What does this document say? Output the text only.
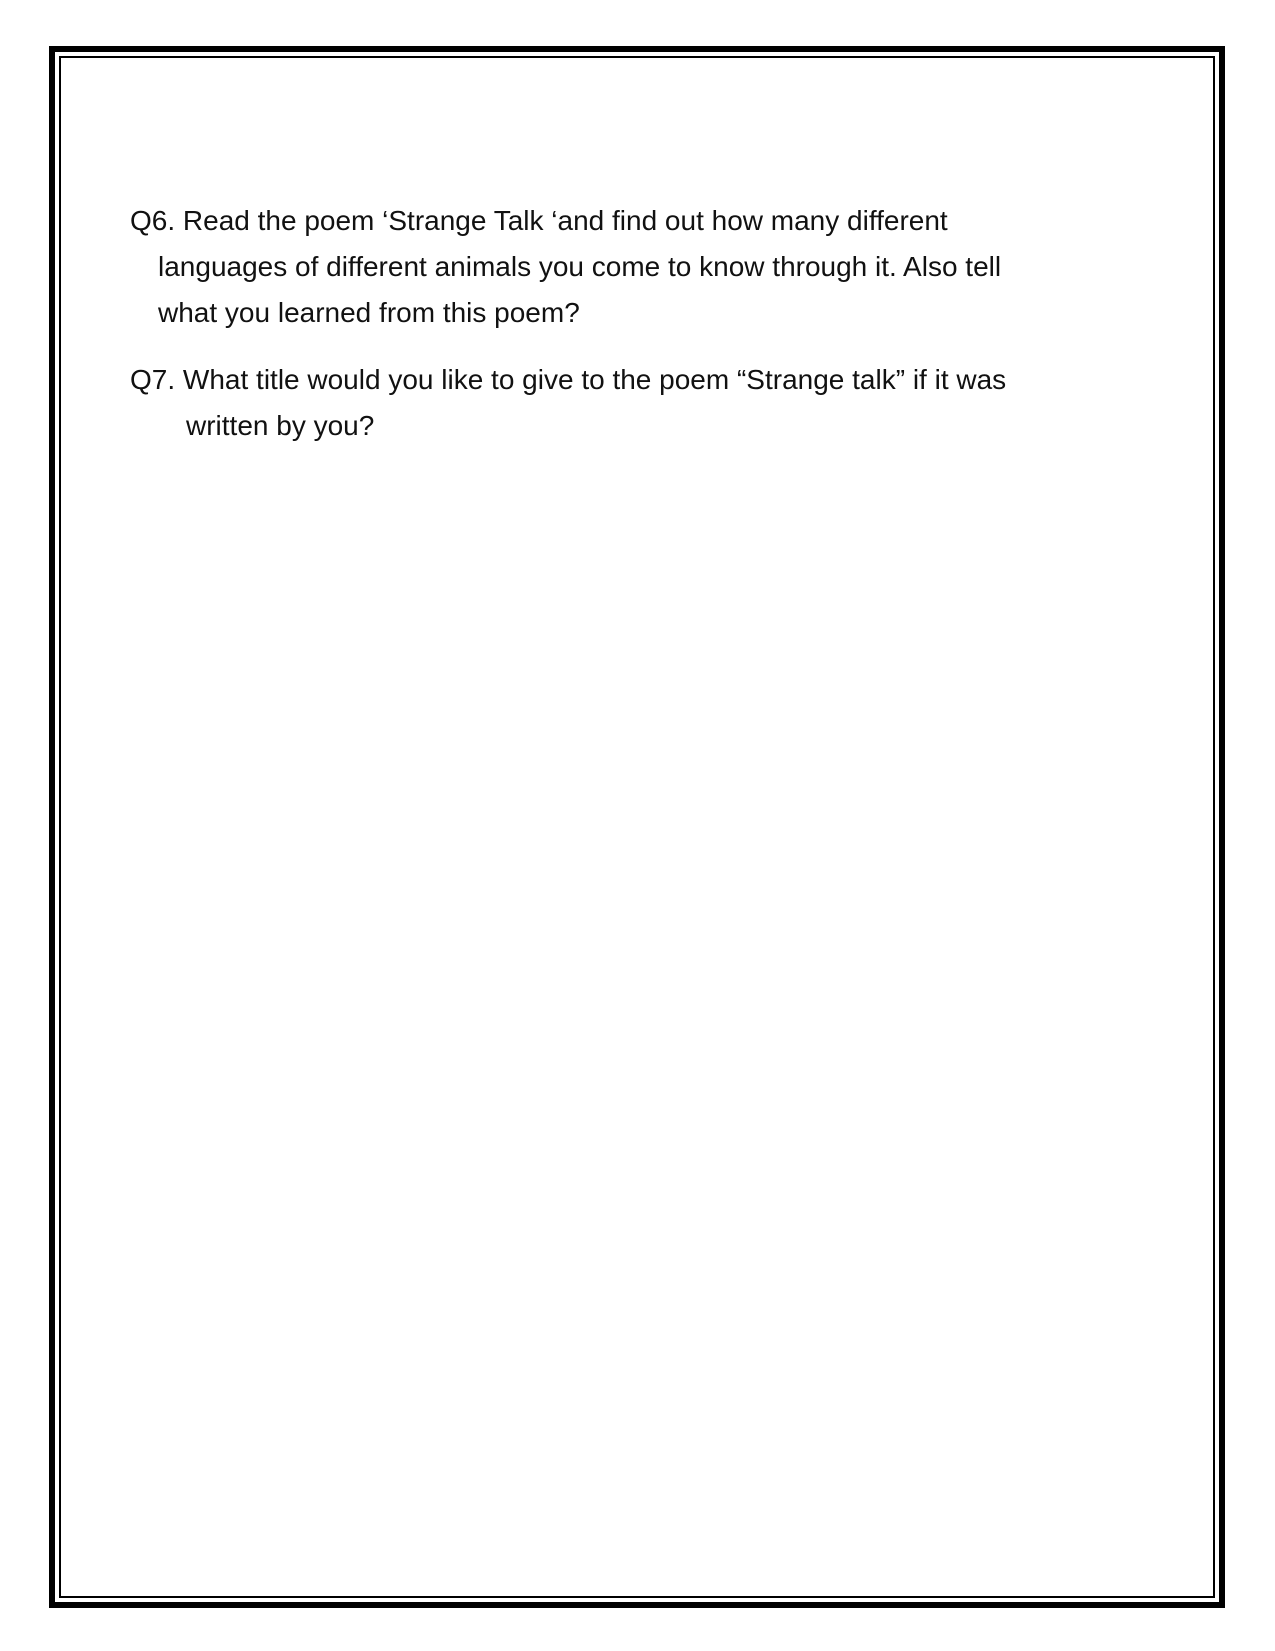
Q6. Read the poem ‘Strange Talk ‘and find out how many different
languages of different animals you come to know through it. Also tell
what you learned from this poem?

Q7. What title would you like to give to the poem “Strange talk” if it was
written by you?
